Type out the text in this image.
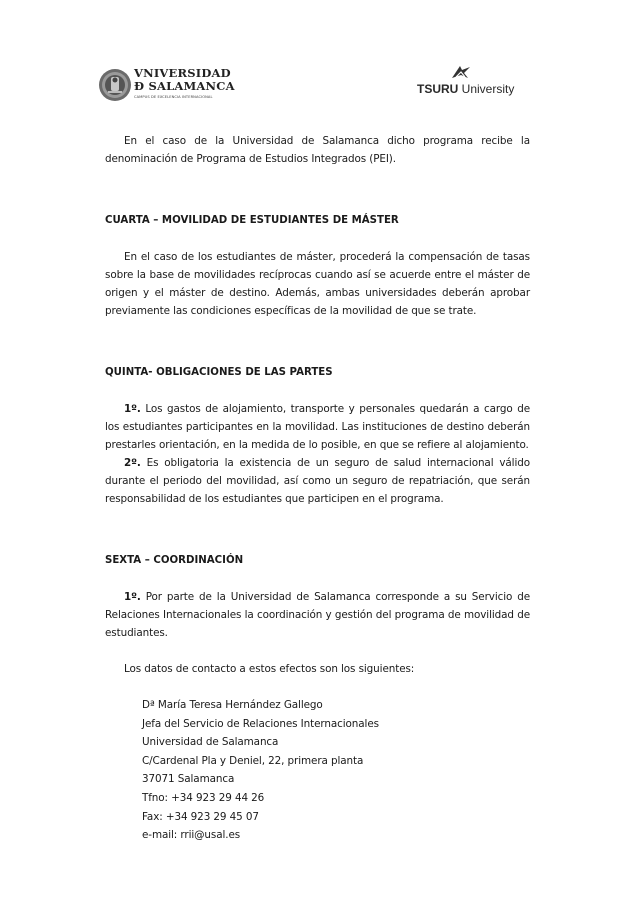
VNIVERSIDAD
Ð SALAMANCA
CAMPUS DE EXCELENCIA INTERNACIONAL
TSURU University

En el caso de la Universidad de Salamanca dicho programa recibe la denominación de Programa de Estudios Integrados (PEI).

CUARTA – MOVILIDAD DE ESTUDIANTES DE MÁSTER

En el caso de los estudiantes de máster, procederá la compensación de tasas sobre la base de movilidades recíprocas cuando así se acuerde entre el máster de origen y el máster de destino. Además, ambas universidades deberán aprobar previamente las condiciones específicas de la movilidad de que se trate.

QUINTA- OBLIGACIONES DE LAS PARTES

1º. Los gastos de alojamiento, transporte y personales quedarán a cargo de los estudiantes participantes en la movilidad. Las instituciones de destino deberán prestarles orientación, en la medida de lo posible, en que se refiere al alojamiento.

2º. Es obligatoria la existencia de un seguro de salud internacional válido durante el periodo del movilidad, así como un seguro de repatriación, que serán responsabilidad de los estudiantes que participen en el programa.

SEXTA – COORDINACIÓN

1º. Por parte de la Universidad de Salamanca corresponde a su Servicio de Relaciones Internacionales la coordinación y gestión del programa de movilidad de estudiantes.

Los datos de contacto a estos efectos son los siguientes:

Dª María Teresa Hernández Gallego
Jefa del Servicio de Relaciones Internacionales
Universidad de Salamanca
C/Cardenal Pla y Deniel, 22, primera planta
37071 Salamanca
Tfno: +34 923 29 44 26
Fax: +34 923 29 45 07
e-mail: rrii@usal.es
